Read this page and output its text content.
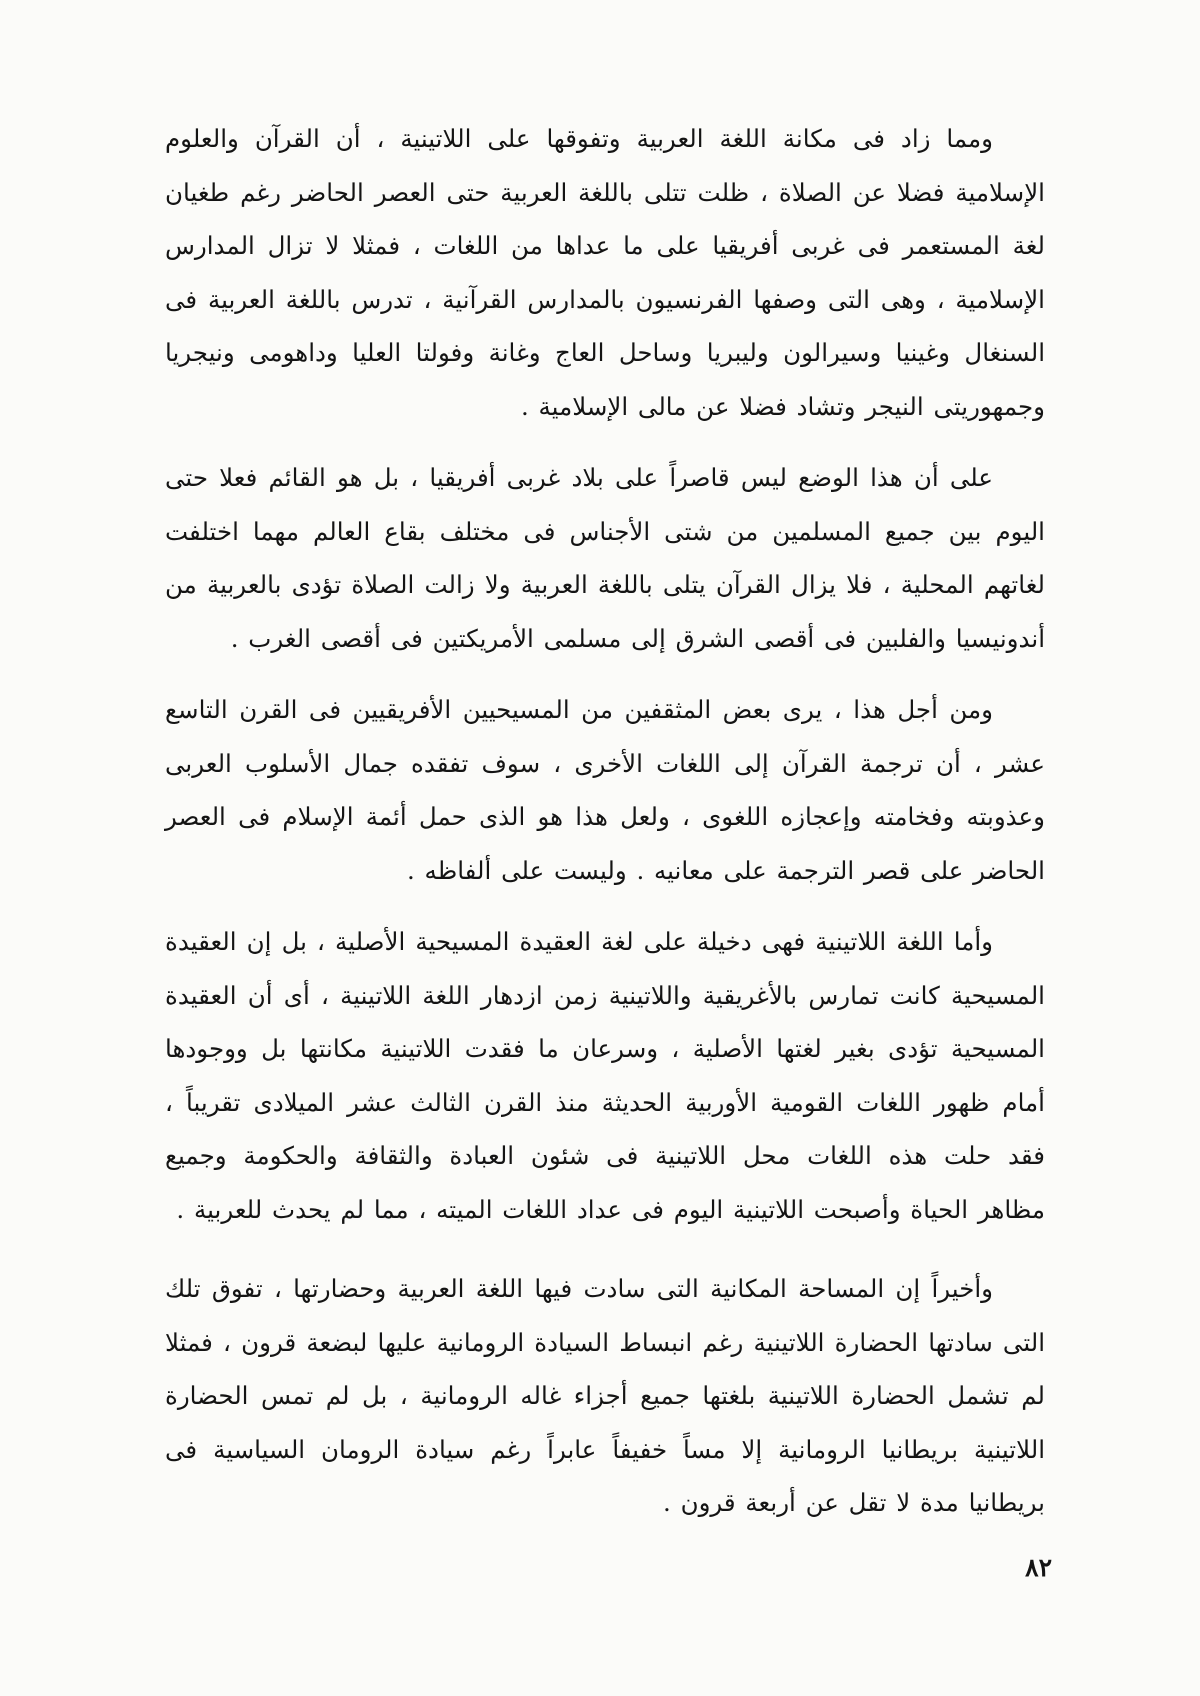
ومما زاد فى مكانة اللغة العربية وتفوقها على اللاتينية ، أن القرآن والعلوم الإسلامية فضلا عن الصلاة ، ظلت تتلى باللغة العربية حتى العصر الحاضر رغم طغيان لغة المستعمر فى غربى أفريقيا على ما عداها من اللغات ، فمثلا لا تزال المدارس الإسلامية ، وهى التى وصفها الفرنسيون بالمدارس القرآنية ، تدرس باللغة العربية فى السنغال وغينيا وسيرالون وليبريا وساحل العاج وغانة وفولتا العليا وداهومى ونيجريا وجمهوريتى النيجر وتشاد فضلا عن مالى الإسلامية .

على أن هذا الوضع ليس قاصراً على بلاد غربى أفريقيا ، بل هو القائم فعلا حتى اليوم بين جميع المسلمين من شتى الأجناس فى مختلف بقاع العالم مهما اختلفت لغاتهم المحلية ، فلا يزال القرآن يتلى باللغة العربية ولا زالت الصلاة تؤدى بالعربية من أندونيسيا والفلبين فى أقصى الشرق إلى مسلمى الأمريكتين فى أقصى الغرب .

ومن أجل هذا ، يرى بعض المثقفين من المسيحيين الأفريقيين فى القرن التاسع عشر ، أن ترجمة القرآن إلى اللغات الأخرى ، سوف تفقده جمال الأسلوب العربى وعذوبته وفخامته وإعجازه اللغوى ، ولعل هذا هو الذى حمل أئمة الإسلام فى العصر الحاضر على قصر الترجمة على معانيه . وليست على ألفاظه .

وأما اللغة اللاتينية فهى دخيلة على لغة العقيدة المسيحية الأصلية ، بل إن العقيدة المسيحية كانت تمارس بالأغريقية واللاتينية زمن ازدهار اللغة اللاتينية ، أى أن العقيدة المسيحية تؤدى بغير لغتها الأصلية ، وسرعان ما فقدت اللاتينية مكانتها بل ووجودها أمام ظهور اللغات القومية الأوربية الحديثة منذ القرن الثالث عشر الميلادى تقريباً ، فقد حلت هذه اللغات محل اللاتينية فى شئون العبادة والثقافة والحكومة وجميع مظاهر الحياة وأصبحت اللاتينية اليوم فى عداد اللغات الميته ، مما لم يحدث للعربية .

وأخيراً إن المساحة المكانية التى سادت فيها اللغة العربية وحضارتها ، تفوق تلك التى سادتها الحضارة اللاتينية رغم انبساط السيادة الرومانية عليها لبضعة قرون ، فمثلا لم تشمل الحضارة اللاتينية بلغتها جميع أجزاء غاله الرومانية ، بل لم تمس الحضارة اللاتينية بريطانيا الرومانية إلا مساً خفيفاً عابراً رغم سيادة الرومان السياسية فى بريطانيا مدة لا تقل عن أربعة قرون .

٨٢
